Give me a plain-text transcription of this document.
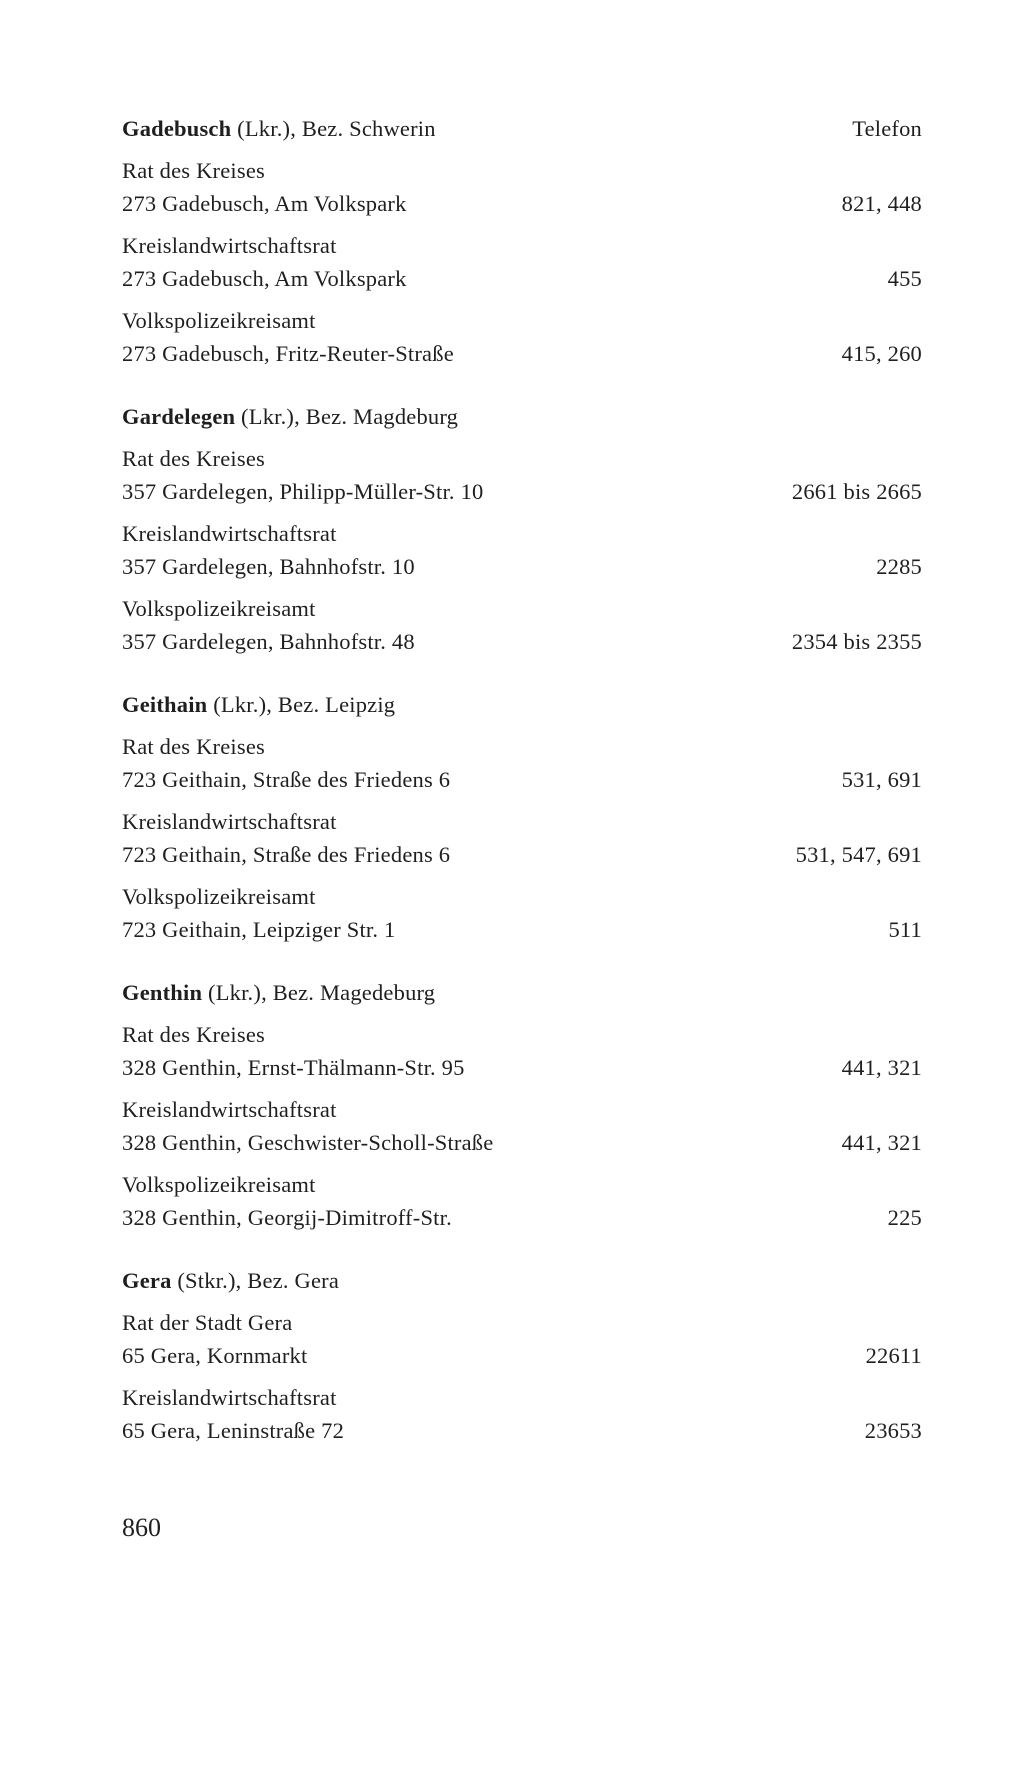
Gadebusch (Lkr.), Bez. Schwerin	Telefon
Rat des Kreises
273 Gadebusch, Am Volkspark	821, 448
Kreislandwirtschaftsrat
273 Gadebusch, Am Volkspark	455
Volkspolizeikreisamt
273 Gadebusch, Fritz-Reuter-Straße	415, 260
Gardelegen (Lkr.), Bez. Magdeburg
Rat des Kreises
357 Gardelegen, Philipp-Müller-Str. 10	2661 bis 2665
Kreislandwirtschaftsrat
357 Gardelegen, Bahnhofstr. 10	2285
Volkspolizeikreisamt
357 Gardelegen, Bahnhofstr. 48	2354 bis 2355
Geithain (Lkr.), Bez. Leipzig
Rat des Kreises
723 Geithain, Straße des Friedens 6	531, 691
Kreislandwirtschaftsrat
723 Geithain, Straße des Friedens 6	531, 547, 691
Volkspolizeikreisamt
723 Geithain, Leipziger Str. 1	511
Genthin (Lkr.), Bez. Magedeburg
Rat des Kreises
328 Genthin, Ernst-Thälmann-Str. 95	441, 321
Kreislandwirtschaftsrat
328 Genthin, Geschwister-Scholl-Straße	441, 321
Volkspolizeikreisamt
328 Genthin, Georgij-Dimitroff-Str.	225
Gera (Stkr.), Bez. Gera
Rat der Stadt Gera
65 Gera, Kornmarkt	22611
Kreislandwirtschaftsrat
65 Gera, Leninstraße 72	23653
860
